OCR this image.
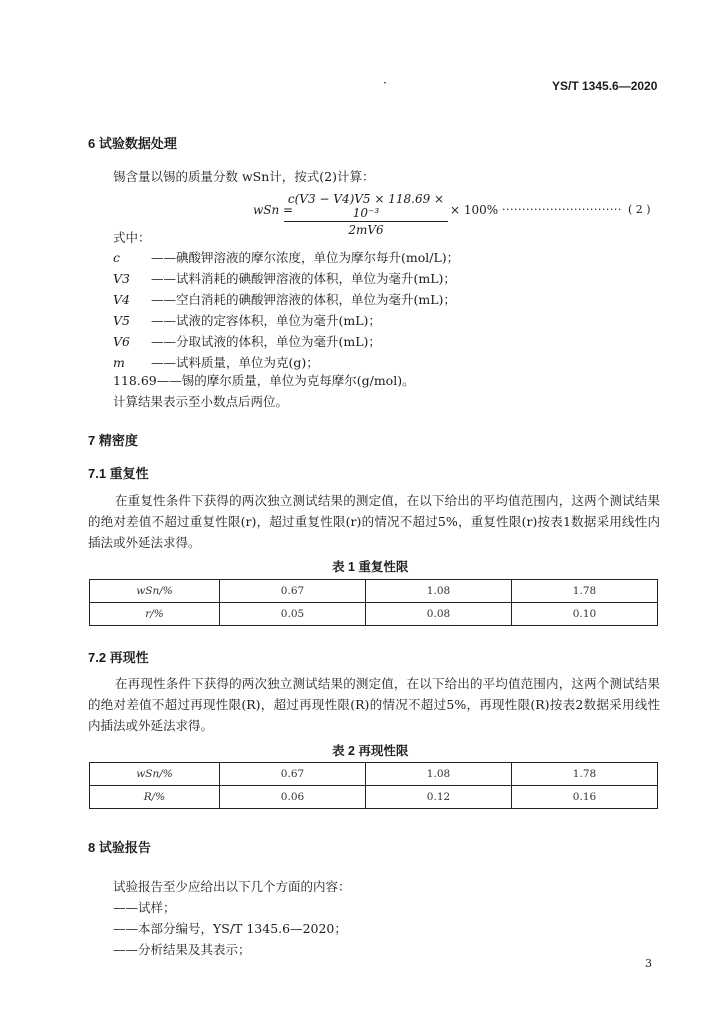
·	YS/T 1345.6—2020
6 试验数据处理
锡含量以锡的质量分数 wSn计，按式(2)计算：
wSn =
$\frac{\text{c(V3 − V4)V5 × 118.69 × 10⁻³}}{2mV6} \times 100\%$ ······························ ( 2 )
式中：
c ——碘酸钾溶液的摩尔浓度，单位为摩尔每升(mol/L)；
V3 ——试料消耗的碘酸钾溶液的体积，单位为毫升(mL)；
V4 ——空白消耗的碘酸钾溶液的体积，单位为毫升(mL)；
V5 ——试液的定容体积，单位为毫升(mL)；
V6 ——分取试液的体积，单位为毫升(mL)；
m ——试料质量，单位为克(g)；
118.69——锡的摩尔质量，单位为克每摩尔(g/mol)。
计算结果表示至小数点后两位。
7 精密度
7.1 重复性
在重复性条件下获得的两次独立测试结果的测定值，在以下给出的平均值范围内，这两个测试结果的绝对差值不超过重复性限(r)，超过重复性限(r)的情况不超过5%，重复性限(r)按表1数据采用线性内插法或外延法求得。
表 1 重复性限
wSn/%	0.67	1.08	1.78
r/%	0.05	0.08	0.10
7.2 再现性
在再现性条件下获得的两次独立测试结果的测定值，在以下给出的平均值范围内，这两个测试结果的绝对差值不超过再现性限(R)，超过再现性限(R)的情况不超过5%，再现性限(R)按表2数据采用线性内插法或外延法求得。
表 2 再现性限
wSn/%	0.67	1.08	1.78
R/%	0.06	0.12	0.16
8 试验报告
试验报告至少应给出以下几个方面的内容：
——试样；
——本部分编号，YS/T 1345.6—2020；
——分析结果及其表示；
3
